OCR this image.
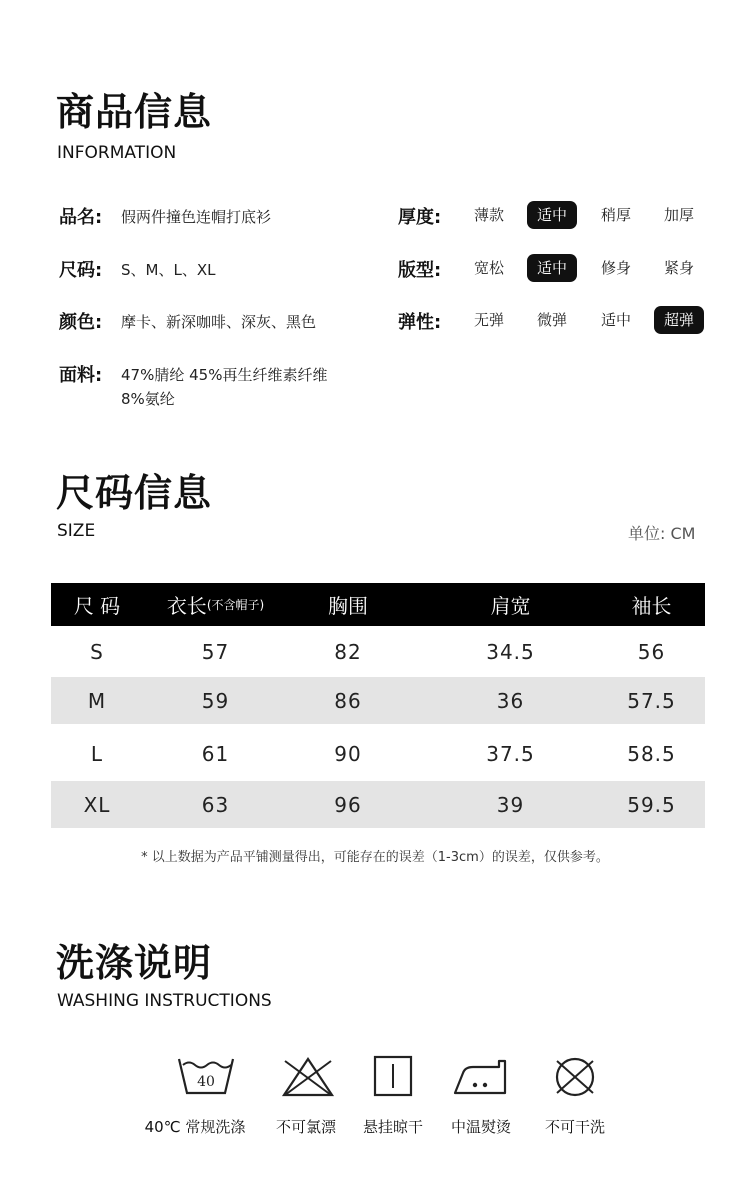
商品信息
INFORMATION
品名: 假两件撞色连帽打底衫
尺码: S、M、L、XL
颜色: 摩卡、新深咖啡、深灰、黑色
面料: 47%腈纶 45%再生纤维素纤维
8%氨纶
厚度:	薄款	适中	稍厚	加厚
版型:	宽松	适中	修身	紧身
弹性:	无弹	微弹	适中	超弹
尺码信息
SIZE	单位: CM
尺 码	衣长 (不含帽子)	胸围	肩宽	袖长
S	57	82	34.5	56
M	59	86	36	57.5
L	61	90	37.5	58.5
XL	63	96	39	59.5
* 以上数据为产品平铺测量得出，可能存在的误差（1-3cm）的误差，仅供参考。
洗涤说明
WASHING INSTRUCTIONS
40
40℃ 常规洗涤	不可氯漂	悬挂晾干	中温熨烫	不可干洗
